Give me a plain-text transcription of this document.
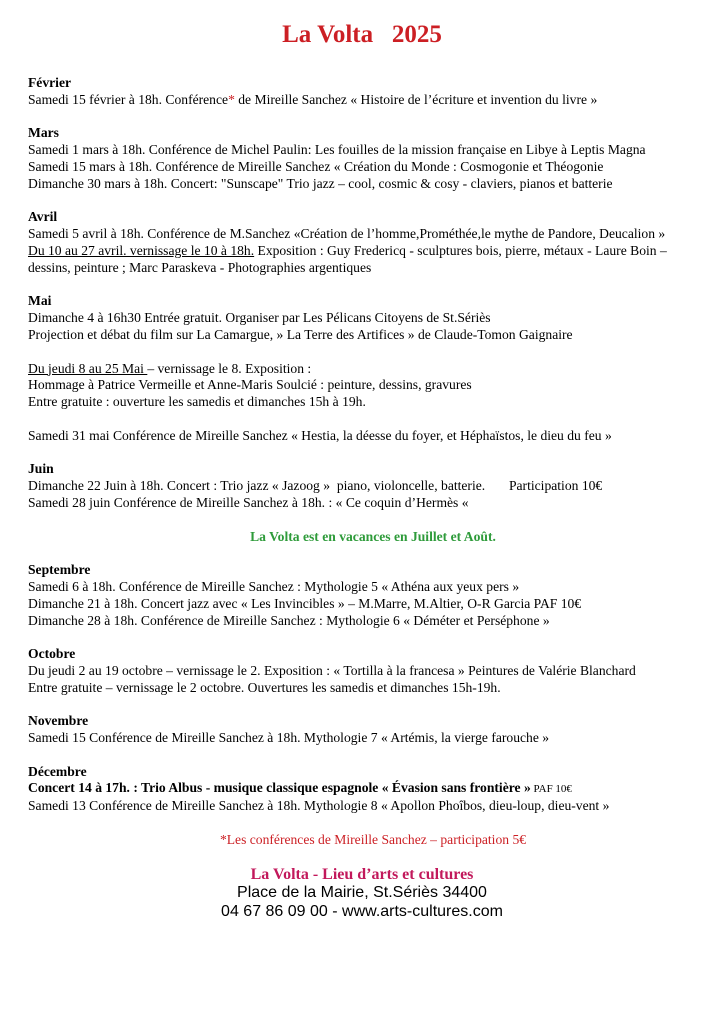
La Volta   2025
Février
Samedi 15 février à 18h. Conférence* de Mireille Sanchez « Histoire de l’écriture et invention du livre »
Mars
Samedi 1 mars à 18h. Conférence de Michel Paulin: Les fouilles de la mission française en Libye à Leptis Magna
Samedi 15 mars à 18h. Conférence de Mireille Sanchez « Création du Monde : Cosmogonie et Théogonie
Dimanche 30 mars à 18h. Concert: "Sunscape" Trio jazz – cool, cosmic & cosy - claviers, pianos et batterie
Avril
Samedi 5 avril à 18h. Conférence de M.Sanchez «Création de l’homme,Prométhée,le mythe de Pandore, Deucalion »
Du 10 au 27 avril. vernissage le 10 à 18h. Exposition : Guy Fredericq - sculptures bois, pierre, métaux - Laure Boin –
dessins, peinture ; Marc Paraskeva - Photographies argentiques
Mai
Dimanche 4 à 16h30 Entrée gratuit. Organiser par Les Pélicans Citoyens de St.Sériès
Projection et débat du film sur La Camargue, » La Terre des Artifices » de Claude-Tomon Gaignaire
Du jeudi 8 au 25 Mai – vernissage le 8. Exposition :
Hommage à Patrice Vermeille et Anne-Maris Soulcié : peinture, dessins, gravures
Entre gratuite : ouverture les samedis et dimanches 15h à 19h.
Samedi 31 mai Conférence de Mireille Sanchez « Hestia, la déesse du foyer, et Héphaïstos, le dieu du feu »
Juin
Dimanche 22 Juin à 18h. Concert : Trio jazz « Jazoog »  piano, violoncelle, batterie.       Participation 10€
Samedi 28 juin Conférence de Mireille Sanchez à 18h. : « Ce coquin d’Hermès «
La Volta est en vacances en Juillet et Août.
Septembre
Samedi 6 à 18h. Conférence de Mireille Sanchez : Mythologie 5 « Athéna aux yeux pers »
Dimanche 21 à 18h. Concert jazz avec « Les Invincibles » – M.Marre, M.Altier, O-R Garcia PAF 10€
Dimanche 28 à 18h. Conférence de Mireille Sanchez : Mythologie 6 « Déméter et Perséphone »
Octobre
Du jeudi 2 au 19 octobre – vernissage le 2. Exposition : « Tortilla à la francesa » Peintures de Valérie Blanchard
Entre gratuite – vernissage le 2 octobre. Ouvertures les samedis et dimanches 15h-19h.
Novembre
Samedi 15 Conférence de Mireille Sanchez à 18h. Mythologie 7 « Artémis, la vierge farouche »
Décembre
Concert 14 à 17h. : Trio Albus - musique classique espagnole « Évasion sans frontière » PAF 10€
Samedi 13 Conférence de Mireille Sanchez à 18h. Mythologie 8 « Apollon Phoîbos, dieu-loup, dieu-vent »
*Les conférences de Mireille Sanchez – participation 5€
La Volta - Lieu d’arts et cultures
Place de la Mairie, St.Sériès 34400
04 67 86 09 00 - www.arts-cultures.com
